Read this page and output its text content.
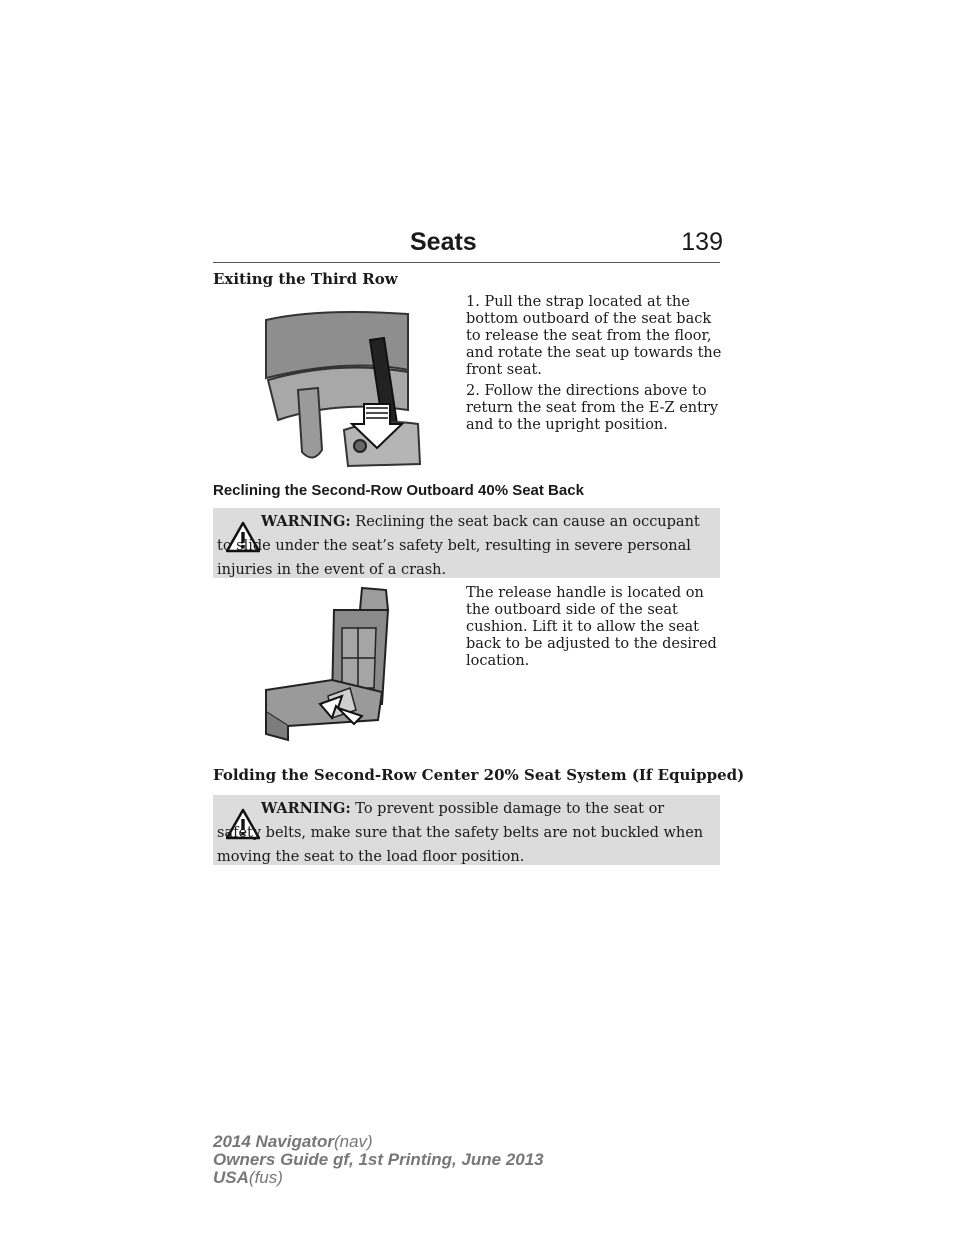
Seats	139
Exiting the Third Row
1. Pull the strap located at the bottom outboard of the seat back to release the seat from the floor, and rotate the seat up towards the front seat.
2. Follow the directions above to return the seat from the E-Z entry and to the upright position.
Reclining the Second-Row Outboard 40% Seat Back
WARNING: Reclining the seat back can cause an occupant to slide under the seat’s safety belt, resulting in severe personal injuries in the event of a crash.
The release handle is located on the outboard side of the seat cushion. Lift it to allow the seat back to be adjusted to the desired location.
Folding the Second-Row Center 20% Seat System (If Equipped)
WARNING: To prevent possible damage to the seat or safety belts, make sure that the safety belts are not buckled when moving the seat to the load floor position.
2014 Navigator(nav)
Owners Guide gf, 1st Printing, June 2013
USA(fus)
